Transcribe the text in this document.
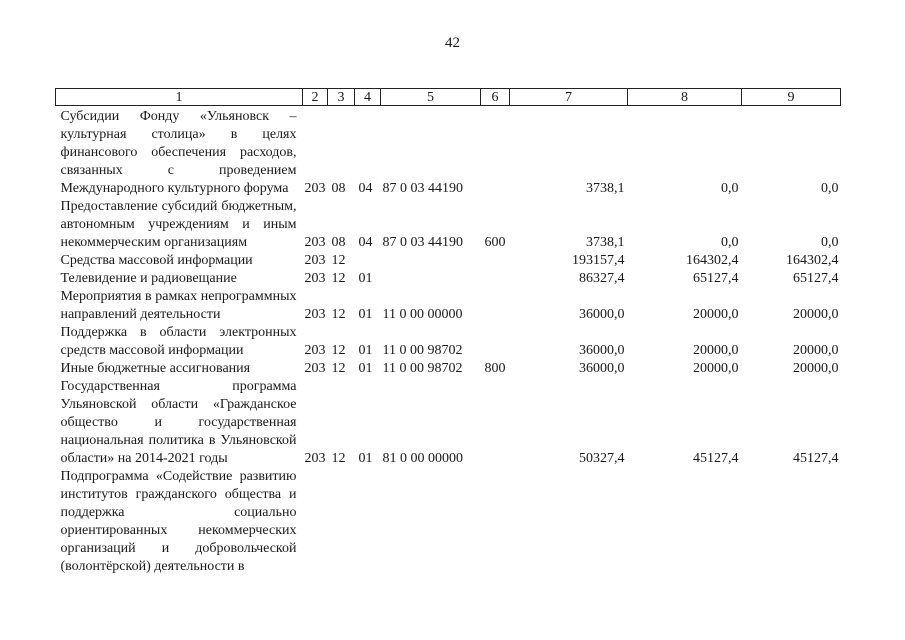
42
1	2	3	4	5	6	7	8	9

Субсидии Фонду «Ульяновск – культурная столица» в целях финансового обеспечения расходов, связанных с проведением Международного культурного форума	203	08	04	87 0 03 44190		3738,1	0,0	0,0
Предоставление субсидий бюджетным, автономным учреждениям и иным некоммерческим организациям	203	08	04	87 0 03 44190	600	3738,1	0,0	0,0
Средства массовой информации	203	12				193157,4	164302,4	164302,4
Телевидение и радиовещание	203	12	01			86327,4	65127,4	65127,4
Мероприятия в рамках непрограммных направлений деятельности	203	12	01	11 0 00 00000		36000,0	20000,0	20000,0
Поддержка в области электронных средств массовой информации	203	12	01	11 0 00 98702		36000,0	20000,0	20000,0
Иные бюджетные ассигнования	203	12	01	11 0 00 98702	800	36000,0	20000,0	20000,0
Государственная программа Ульяновской области «Гражданское общество и государственная национальная политика в Ульяновской области» на 2014-2021 годы	203	12	01	81 0 00 00000		50327,4	45127,4	45127,4
Подпрограмма «Содействие развитию институтов гражданского общества и поддержка социально ориентированных некоммерческих организаций и добровольческой (волонтёрской) деятельности в								
